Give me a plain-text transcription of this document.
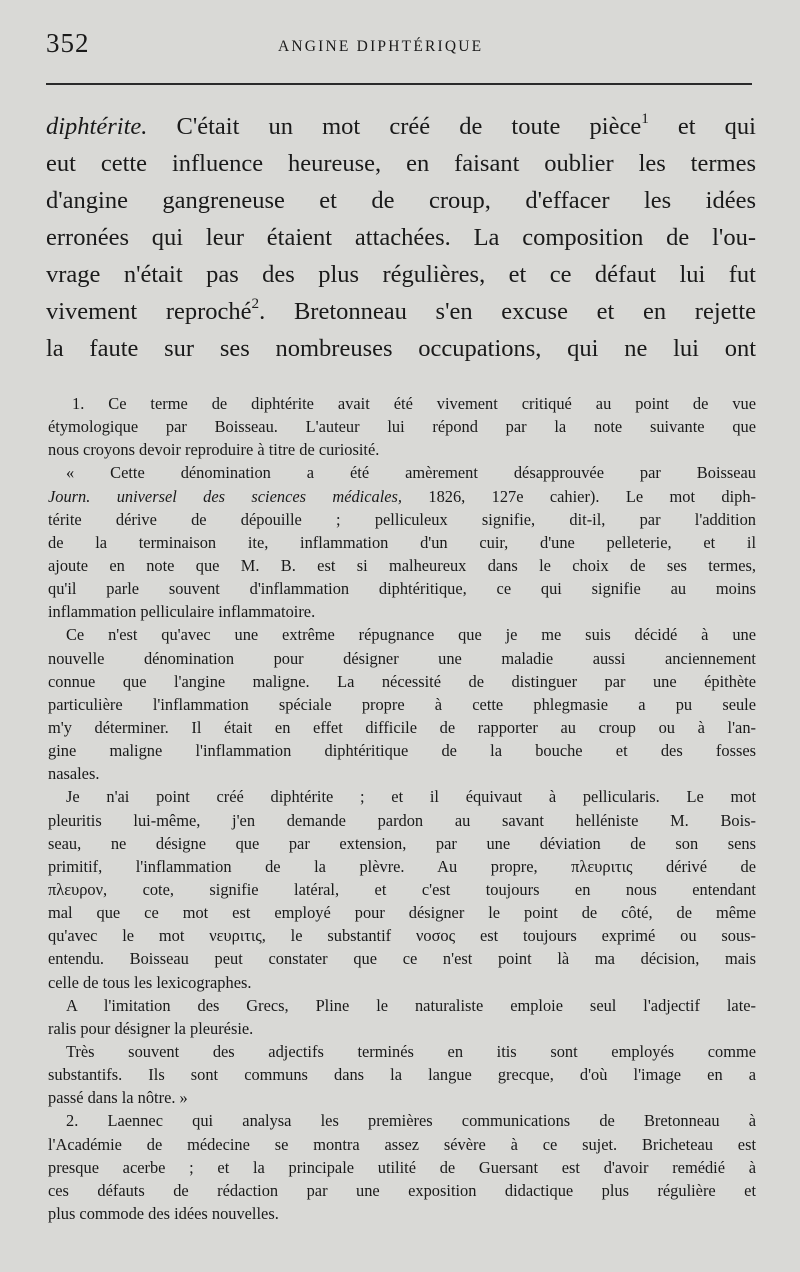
352	ANGINE DIPHTÉRIQUE
diphtérite. C'était un mot créé de toute pièce$^1$ et qui
eut cette influence heureuse, en faisant oublier les termes
d'angine gangreneuse et de croup, d'effacer les idées
erronées qui leur étaient attachées. La composition de l'ou-
vrage n'était pas des plus régulières, et ce défaut lui fut
vivement reproché$^2$. Bretonneau s'en excuse et en rejette
la faute sur ses nombreuses occupations, qui ne lui ont
1. Ce terme de diphtérite avait été vivement critiqué au point de vue
étymologique par Boisseau. L'auteur lui répond par la note suivante que
nous croyons devoir reproduire à titre de curiosité.
« Cette dénomination a été amèrement désapprouvée par Boisseau
Journ. universel des sciences médicales, 1826, 127e cahier). Le mot diph-
térite dérive de dépouille ; pelliculeux signifie, dit-il, par l'addition
de la terminaison ite, inflammation d'un cuir, d'une pelleterie, et il
ajoute en note que M. B. est si malheureux dans le choix de ses termes,
qu'il parle souvent d'inflammation diphtéritique, ce qui signifie au moins
inflammation pelliculaire inflammatoire.
Ce n'est qu'avec une extrême répugnance que je me suis décidé à une
nouvelle dénomination pour désigner une maladie aussi anciennement
connue que l'angine maligne. La nécessité de distinguer par une épithète
particulière l'inflammation spéciale propre à cette phlegmasie a pu seule
m'y déterminer. Il était en effet difficile de rapporter au croup ou à l'an-
gine maligne l'inflammation diphtéritique de la bouche et des fosses
nasales.
Je n'ai point créé diphtérite ; et il équivaut à pellicularis. Le mot
pleuritis lui-même, j'en demande pardon au savant helléniste M. Bois-
seau, ne désigne que par extension, par une déviation de son sens
primitif, l'inflammation de la plèvre. Au propre, πλευριτις dérivé de
πλευρον, cote, signifie latéral, et c'est toujours en nous entendant
mal que ce mot est employé pour désigner le point de côté, de même
qu'avec le mot νευριτις, le substantif νοσος est toujours exprimé ou sous-
entendu. Boisseau peut constater que ce n'est point là ma décision, mais
celle de tous les lexicographes.
A l'imitation des Grecs, Pline le naturaliste emploie seul l'adjectif late-
ralis pour désigner la pleurésie.
Très souvent des adjectifs terminés en itis sont employés comme
substantifs. Ils sont communs dans la langue grecque, d'où l'image en a
passé dans la nôtre. »
2. Laennec qui analysa les premières communications de Bretonneau à
l'Académie de médecine se montra assez sévère à ce sujet. Bricheteau est
presque acerbe ; et la principale utilité de Guersant est d'avoir remédié à
ces défauts de rédaction par une exposition didactique plus régulière et
plus commode des idées nouvelles.
